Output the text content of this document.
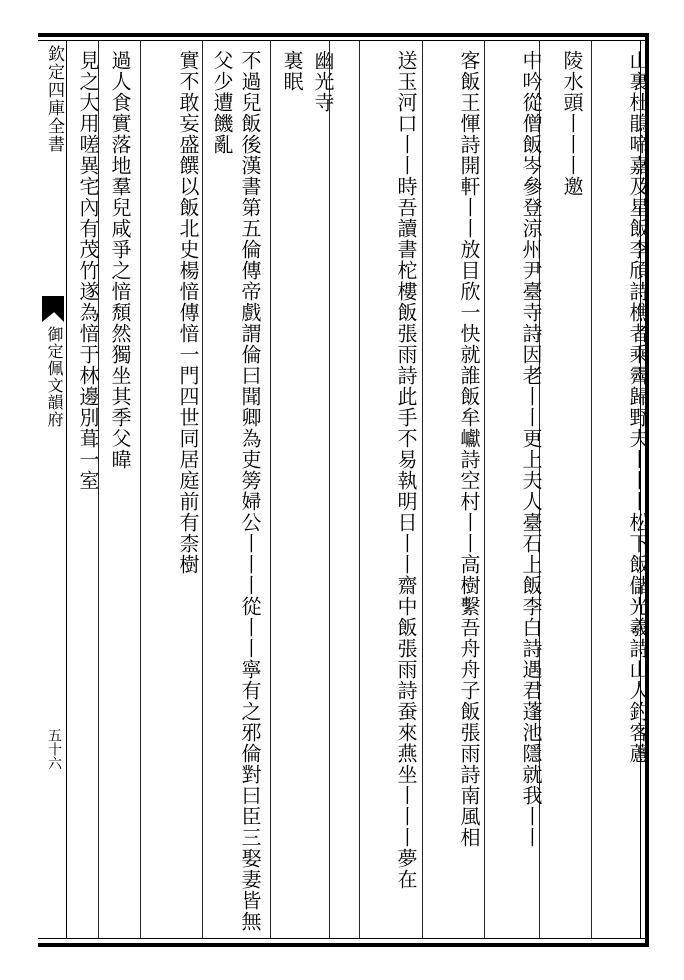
欽定四庫全書
御定佩文韻府
五十六	山裏杜鵑啼嘉及星飯李頎詩樵者乘霽歸野夫丨丨丨松下飯儲光羲詩山人釣客藘
陵水頭丨丨丨邀
中吟從僧飯岑參登涼州尹臺寺詩因老丨丨更上夫人臺石上飯李白詩遇君蓬池隱就我丨丨
客飯王惲詩開軒丨丨放目欣一快就誰飯牟巘詩空村丨丨高樹繫吾舟舟子飯張雨詩南風相
送玉河口丨丨時吾讀書柁樓飯張雨詩此手不易執明日丨丨齋中飯張雨詩蚕來燕坐丨丨丨夢在
幽光寺
裏眠
不過兒飯後漢書第五倫傳帝戲謂倫曰聞卿為吏篣婦公丨丨丨從丨丨寧有之邪倫對曰臣三娶妻皆無父少遭饑亂
實不敢妄盛饌以飯北史楊愔傳愔一門四世同居庭前有柰樹
過人食實落地羣兒咸爭之愔頹然獨坐其季父暐
見之大用嗟異宅內有茂竹遂為愔于林邊別葺一室
